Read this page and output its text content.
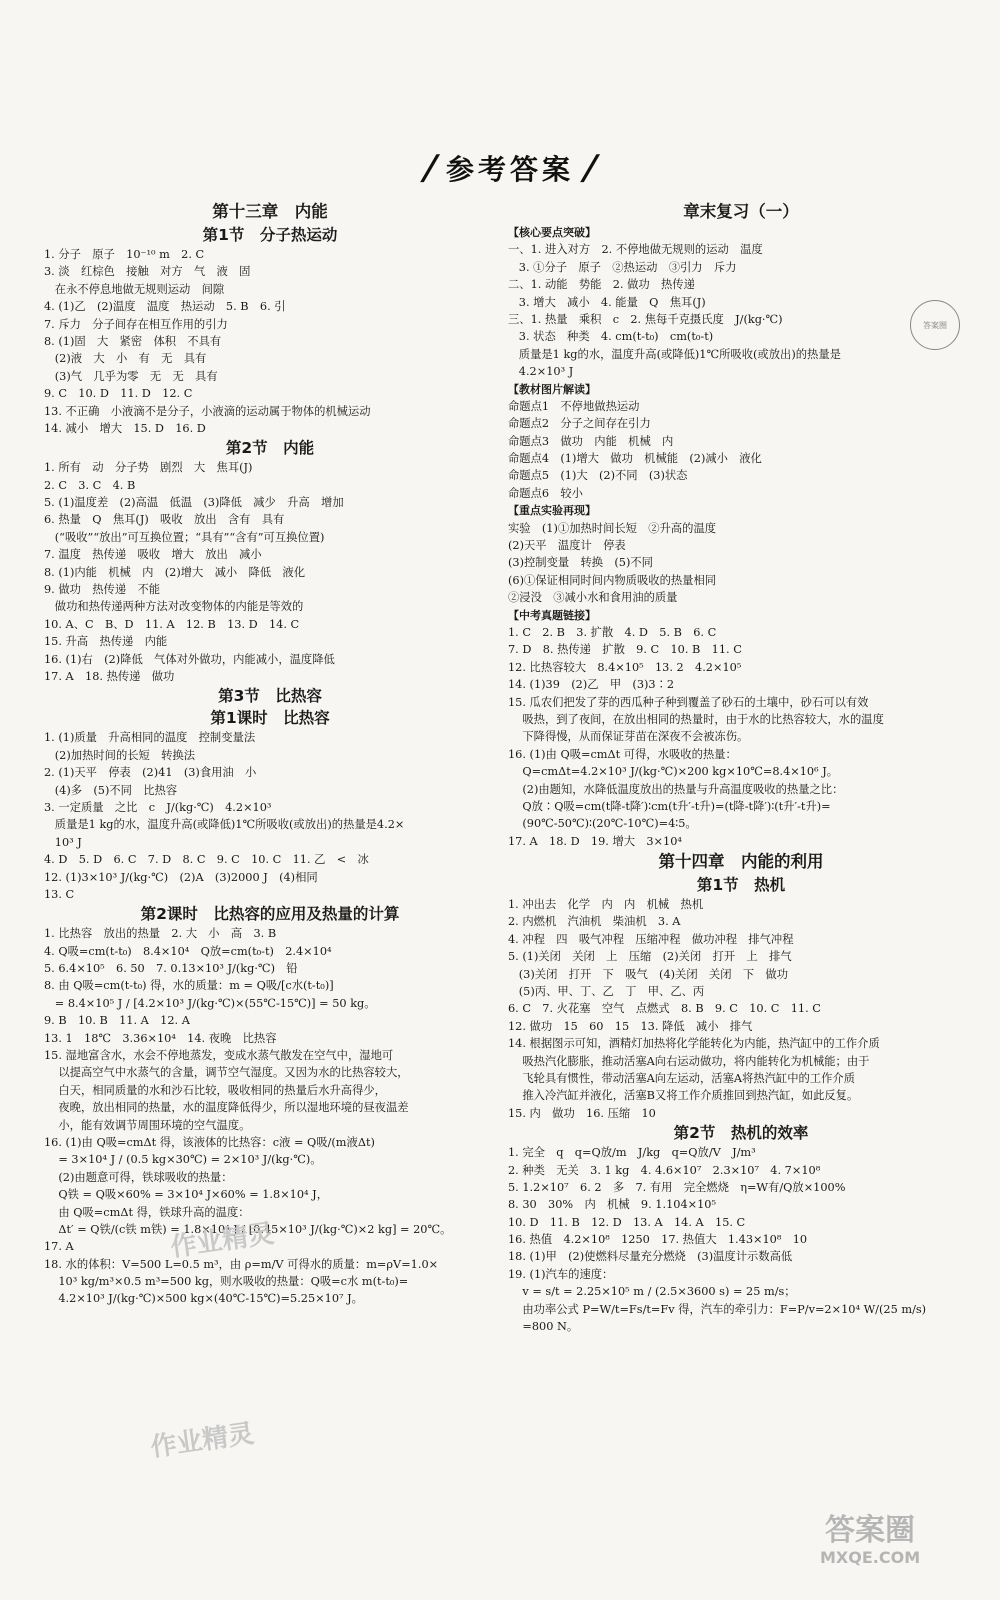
/ 参考答案 /
第十三章　内能
第1节　分子热运动
1. 分子　原子　10⁻¹⁰ m　2. C
3. 淡　红棕色　接触　对方　气　液　固
在永不停息地做无规则运动　间隙
4. (1)乙　(2)温度　温度　热运动　5. B　6. 引
7. 斥力　分子间存在相互作用的引力
8. (1)固　大　紧密　体积　不具有
(2)液　大　小　有　无　具有
(3)气　几乎为零　无　无　具有
9. C　10. D　11. D　12. C
13. 不正确　小液滴不是分子，小液滴的运动属于物体的机械运动
14. 减小　增大　15. D　16. D
第2节　内能
1. 所有　动　分子势　剧烈　大　焦耳(J)
2. C　3. C　4. B
5. (1)温度差　(2)高温　低温　(3)降低　减少　升高　增加
6. 热量　Q　焦耳(J)　吸收　放出　含有　具有
(“吸收”“放出”可互换位置；“具有”“含有”可互换位置)
7. 温度　热传递　吸收　增大　放出　减小
8. (1)内能　机械　内　(2)增大　减小　降低　液化
9. 做功　热传递　不能
做功和热传递两种方法对改变物体的内能是等效的
10. A、C　B、D　11. A　12. B　13. D　14. C
15. 升高　热传递　内能
16. (1)右　(2)降低　气体对外做功，内能减小，温度降低
17. A　18. 热传递　做功
第3节　比热容
第1课时　比热容
1. (1)质量　升高相同的温度　控制变量法
(2)加热时间的长短　转换法
2. (1)天平　停表　(2)41　(3)食用油　小
(4)多　(5)不同　比热容
3. 一定质量　之比　c　J/(kg·℃)　4.2×10³
质量是1 kg的水，温度升高(或降低)1℃所吸收(或放出)的热量是4.2×
10³ J
4. D　5. D　6. C　7. D　8. C　9. C　10. C　11. 乙　<　冰
12. (1)3×10³ J/(kg·℃)　(2)A　(3)2000 J　(4)相同
13. C
第2课时　比热容的应用及热量的计算
1. 比热容　放出的热量　2. 大　小　高　3. B
4. Q吸=cm(t-t₀)　8.4×10⁴　Q放=cm(t₀-t)　2.4×10⁴
5. 6.4×10⁵　6. 50　7. 0.13×10³ J/(kg·℃)　铅
8. 由 Q吸=cm(t-t₀) 得，水的质量：m = Q吸/[c水(t-t₀)]
= 8.4×10⁵ J / [4.2×10³ J/(kg·℃)×(55℃-15℃)] = 50 kg。
9. B　10. B　11. A　12. A
13. 1　18℃　3.36×10⁴　14. 夜晚　比热容
15. 湿地富含水，水会不停地蒸发，变成水蒸气散发在空气中，湿地可
以提高空气中水蒸气的含量，调节空气湿度。又因为水的比热容较大，
白天，相同质量的水和沙石比较，吸收相同的热量后水升高得少，
夜晚，放出相同的热量，水的温度降低得少，所以湿地环境的昼夜温差
小，能有效调节周围环境的空气温度。
16. (1)由 Q吸=cmΔt 得，该液体的比热容：c液 = Q吸/(m液Δt)
= 3×10⁴ J / (0.5 kg×30℃) = 2×10³ J/(kg·℃)。
(2)由题意可得，铁球吸收的热量：
Q铁 = Q吸×60% = 3×10⁴ J×60% = 1.8×10⁴ J，
由 Q吸=cmΔt 得，铁球升高的温度：
Δt′ = Q铁/(c铁 m铁) = 1.8×10⁴ J / [0.45×10³ J/(kg·℃)×2 kg] = 20℃。
17. A
18. 水的体积：V=500 L=0.5 m³，由 ρ=m/V 可得水的质量：m=ρV=1.0×
10³ kg/m³×0.5 m³=500 kg，则水吸收的热量：Q吸=c水 m(t-t₀)=
4.2×10³ J/(kg·℃)×500 kg×(40℃-15℃)=5.25×10⁷ J。
章末复习（一）
【核心要点突破】
一、1. 进入对方　2. 不停地做无规则的运动　温度
3. ①分子　原子　②热运动　③引力　斥力
二、1. 动能　势能　2. 做功　热传递
3. 增大　减小　4. 能量　Q　焦耳(J)
三、1. 热量　乘积　c　2. 焦每千克摄氏度　J/(kg·℃)
3. 状态　种类　4. cm(t-t₀)　cm(t₀-t)
质量是1 kg的水，温度升高(或降低)1℃所吸收(或放出)的热量是
4.2×10³ J
【教材图片解读】
命题点1　不停地做热运动
命题点2　分子之间存在引力
命题点3　做功　内能　机械　内
命题点4　(1)增大　做功　机械能　(2)减小　液化
命题点5　(1)大　(2)不同　(3)状态
命题点6　较小
【重点实验再现】
实验　(1)①加热时间长短　②升高的温度
(2)天平　温度计　停表
(3)控制变量　转换　(5)不同
(6)①保证相同时间内物质吸收的热量相同
②浸没　③减小水和食用油的质量
【中考真题链接】
1. C　2. B　3. 扩散　4. D　5. B　6. C
7. D　8. 热传递　扩散　9. C　10. B　11. C
12. 比热容较大　8.4×10⁵　13. 2　4.2×10⁵
14. (1)39　(2)乙　甲　(3)3∶2
15. 瓜农们把发了芽的西瓜种子种到覆盖了砂石的土壤中，砂石可以有效
吸热，到了夜间，在放出相同的热量时，由于水的比热容较大，水的温度
下降得慢，从而保证芽苗在深夜不会被冻伤。
16. (1)由 Q吸=cmΔt 可得，水吸收的热量：
Q=cmΔt=4.2×10³ J/(kg·℃)×200 kg×10℃=8.4×10⁶ J。
(2)由题知，水降低温度放出的热量与升高温度吸收的热量之比：
Q放∶Q吸=cm(t降-t降′)∶cm(t升′-t升)=(t降-t降′)∶(t升′-t升)=
(90℃-50℃)∶(20℃-10℃)=4∶5。
17. A　18. D　19. 增大　3×10⁴
第十四章　内能的利用
第1节　热机
1. 冲出去　化学　内　内　机械　热机
2. 内燃机　汽油机　柴油机　3. A
4. 冲程　四　吸气冲程　压缩冲程　做功冲程　排气冲程
5. (1)关闭　关闭　上　压缩　(2)关闭　打开　上　排气
(3)关闭　打开　下　吸气　(4)关闭　关闭　下　做功
(5)丙、甲、丁、乙　丁　甲、乙、丙
6. C　7. 火花塞　空气　点燃式　8. B　9. C　10. C　11. C
12. 做功　15　60　15　13. 降低　减小　排气
14. 根据图示可知，酒精灯加热将化学能转化为内能，热汽缸中的工作介质
吸热汽化膨胀，推动活塞A向右运动做功，将内能转化为机械能；由于
飞轮具有惯性，带动活塞A向左运动，活塞A将热汽缸中的工作介质
推入冷汽缸并液化，活塞B又将工作介质推回到热汽缸，如此反复。
15. 内　做功　16. 压缩　10
第2节　热机的效率
1. 完全　q　q=Q放/m　J/kg　q=Q放/V　J/m³
2. 种类　无关　3. 1 kg　4. 4.6×10⁷　2.3×10⁷　4. 7×10⁸
5. 1.2×10⁷　6. 2　多　7. 有用　完全燃烧　η=W有/Q放×100%
8. 30　30%　内　机械　9. 1.104×10⁵
10. D　11. B　12. D　13. A　14. A　15. C
16. 热值　4.2×10⁸　1250　17. 热值大　1.43×10⁸　10
18. (1)甲　(2)使燃料尽量充分燃烧　(3)温度计示数高低
19. (1)汽车的速度：
v = s/t = 2.25×10⁵ m / (2.5×3600 s) = 25 m/s；
由功率公式 P=W/t=Fs/t=Fv 得，汽车的牵引力：F=P/v=2×10⁴ W/(25 m/s)
=800 N。
答案圈
作业精灵
作业精灵
答案圈
MXQE.COM
